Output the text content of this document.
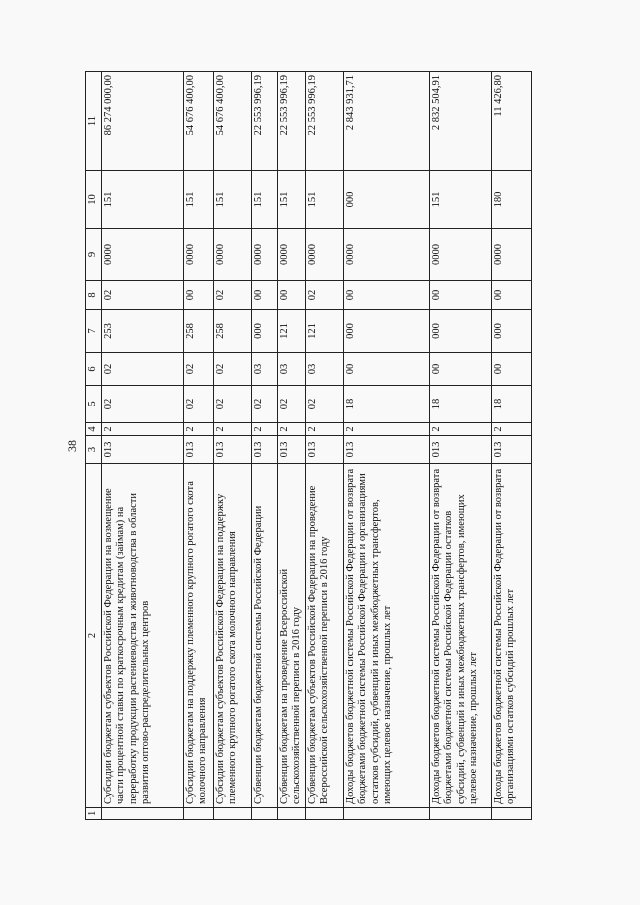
38
1	2	3	4	5	6	7	8	9	10	11
	Субсидии бюджетам субъектов Российской Федерации на возмещение части процентной ставки по краткосрочным кредитам (займам) на переработку продукции растениеводства и животноводства в области развития оптово-распределительных центров	013	2	02	02	253	02	0000	151	86 274 000,00
	Субсидии бюджетам на поддержку племенного крупного рогатого скота молочного направления	013	2	02	02	258	00	0000	151	54 676 400,00
	Субсидии бюджетам субъектов Российской Федерации на поддержку племенного крупного рогатого скота молочного направления	013	2	02	02	258	02	0000	151	54 676 400,00
	Субвенции бюджетам бюджетной системы Российской Федерации	013	2	02	03	000	00	0000	151	22 553 996,19
	Субвенции бюджетам на проведение Всероссийской сельскохозяйственной переписи в 2016 году	013	2	02	03	121	00	0000	151	22 553 996,19
	Субвенции бюджетам субъектов Российской Федерации на проведение Всероссийской сельскохозяйственной переписи в 2016 году	013	2	02	03	121	02	0000	151	22 553 996,19
	Доходы бюджетов бюджетной системы Российской Федерации от возврата бюджетами бюджетной системы Российской Федерации и организациями остатков субсидий, субвенций и иных межбюджетных трансфертов, имеющих целевое назначение, прошлых лет	013	2	18	00	000	00	0000	000	2 843 931,71
	Доходы бюджетов бюджетной системы Российской Федерации от возврата бюджетами бюджетной системы Российской Федерации остатков субсидий, субвенций и иных межбюджетных трансфертов, имеющих целевое назначение, прошлых лет	013	2	18	00	000	00	0000	151	2 832 504,91
	Доходы бюджетов бюджетной системы Российской Федерации от возврата организациями остатков субсидий прошлых лет	013	2	18	00	000	00	0000	180	11 426,80
